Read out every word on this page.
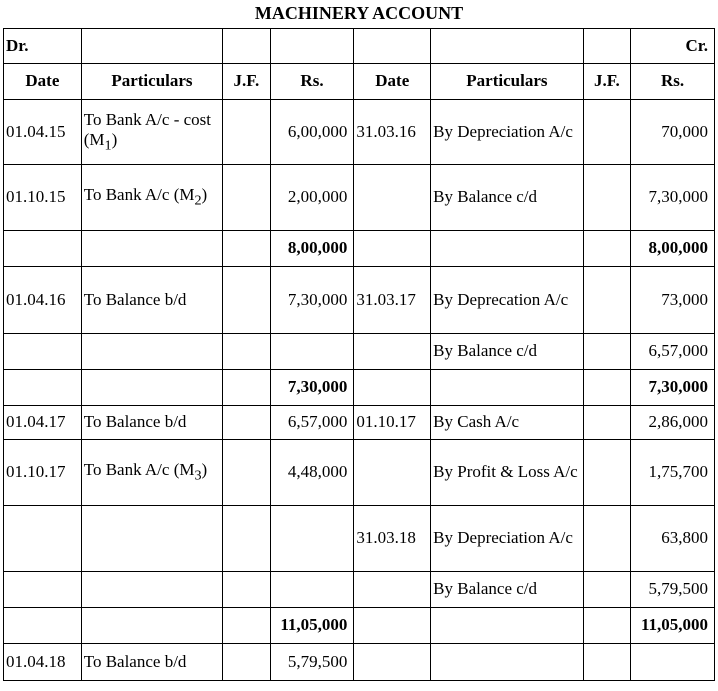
MACHINERY ACCOUNT
Dr.							Cr.
Date	Particulars	J.F.	Rs.	Date	Particulars	J.F.	Rs.
01.04.15	To Bank A/c - cost $(M_1)$		6,00,000	31.03.16	By Depreciation A/c		70,000
01.10.15	To Bank A/c $(M_2)$		2,00,000		By Balance c/d		7,30,000
			8,00,000				8,00,000
01.04.16	To Balance b/d		7,30,000	31.03.17	By Deprecation A/c		73,000
					By Balance c/d		6,57,000
			7,30,000				7,30,000
01.04.17	To Balance b/d		6,57,000	01.10.17	By Cash A/c		2,86,000
01.10.17	To Bank A/c $(M_3)$		4,48,000		By Profit & Loss A/c		1,75,700
				31.03.18	By Depreciation A/c		63,800
					By Balance c/d		5,79,500
			11,05,000				11,05,000
01.04.18	To Balance b/d		5,79,500				
